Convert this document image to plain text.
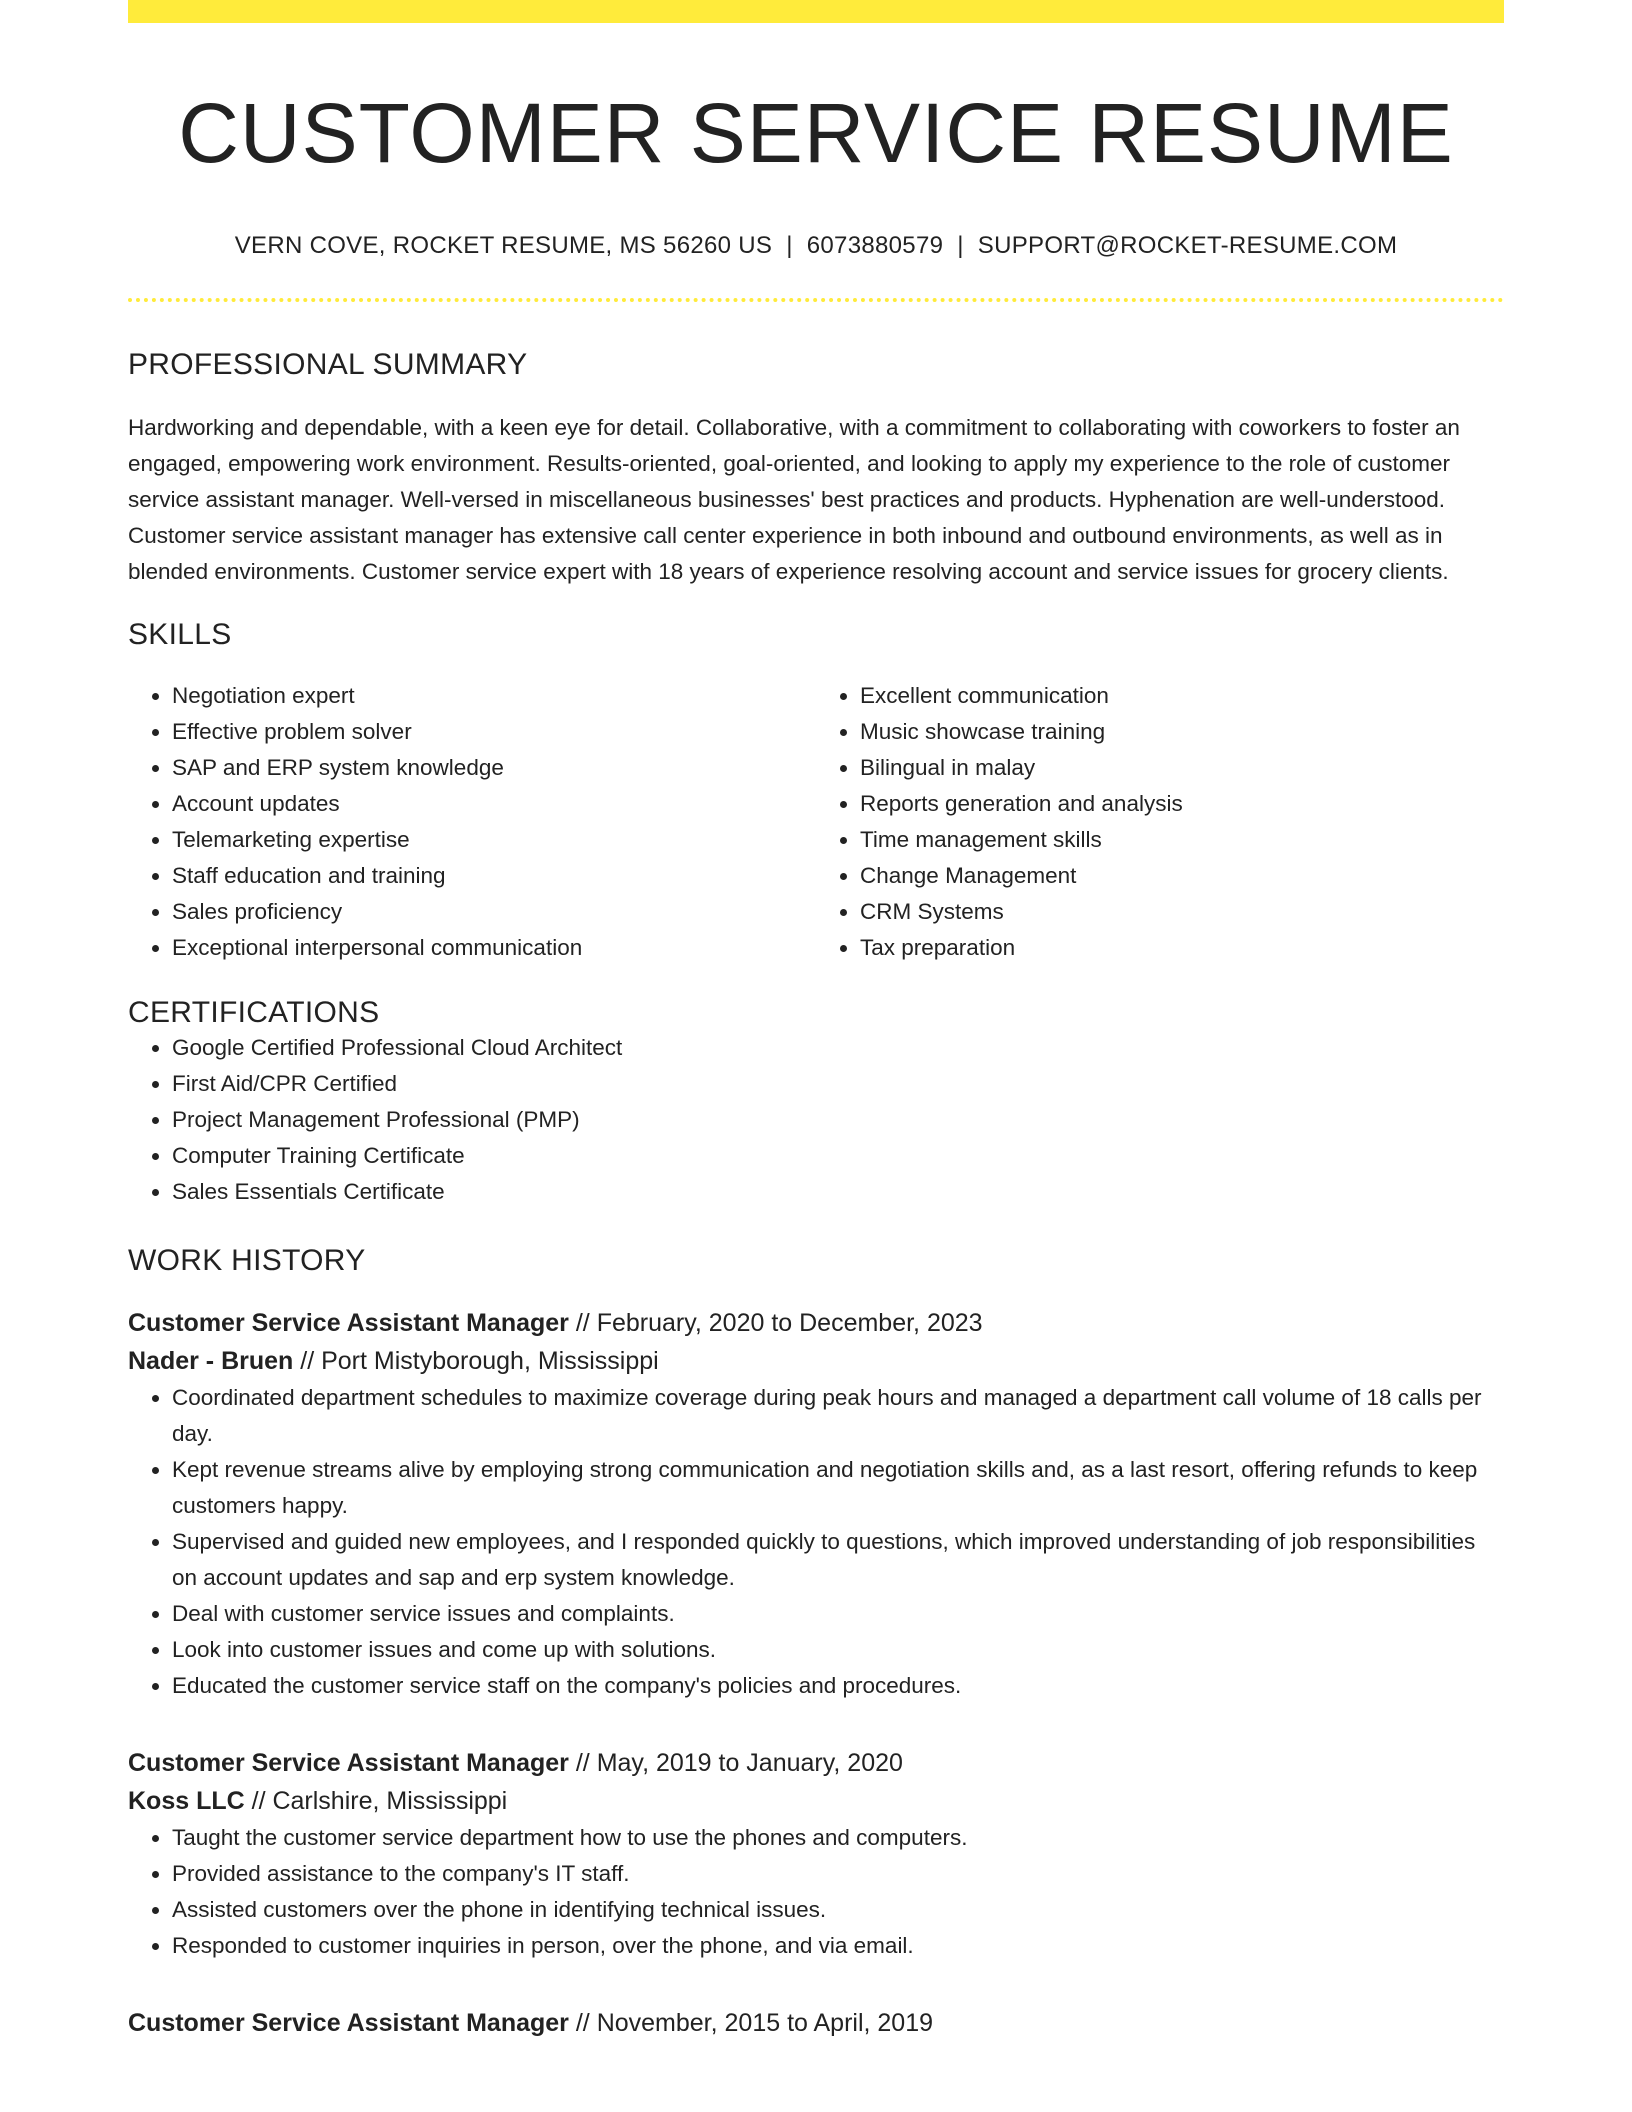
CUSTOMER SERVICE RESUME
VERN COVE, ROCKET RESUME, MS 56260 US | 6073880579 | SUPPORT@ROCKET-RESUME.COM
PROFESSIONAL SUMMARY
Hardworking and dependable, with a keen eye for detail. Collaborative, with a commitment to collaborating with coworkers to foster an engaged, empowering work environment. Results-oriented, goal-oriented, and looking to apply my experience to the role of customer service assistant manager. Well-versed in miscellaneous businesses' best practices and products. Hyphenation are well-understood. Customer service assistant manager has extensive call center experience in both inbound and outbound environments, as well as in blended environments. Customer service expert with 18 years of experience resolving account and service issues for grocery clients.
SKILLS
• Negotiation expert
• Effective problem solver
• SAP and ERP system knowledge
• Account updates
• Telemarketing expertise
• Staff education and training
• Sales proficiency
• Exceptional interpersonal communication
• Excellent communication
• Music showcase training
• Bilingual in malay
• Reports generation and analysis
• Time management skills
• Change Management
• CRM Systems
• Tax preparation
CERTIFICATIONS
• Google Certified Professional Cloud Architect
• First Aid/CPR Certified
• Project Management Professional (PMP)
• Computer Training Certificate
• Sales Essentials Certificate
WORK HISTORY
Customer Service Assistant Manager // February, 2020 to December, 2023
Nader - Bruen // Port Mistyborough, Mississippi
• Coordinated department schedules to maximize coverage during peak hours and managed a department call volume of 18 calls per day.
• Kept revenue streams alive by employing strong communication and negotiation skills and, as a last resort, offering refunds to keep customers happy.
• Supervised and guided new employees, and I responded quickly to questions, which improved understanding of job responsibilities on account updates and sap and erp system knowledge.
• Deal with customer service issues and complaints.
• Look into customer issues and come up with solutions.
• Educated the customer service staff on the company's policies and procedures.
Customer Service Assistant Manager // May, 2019 to January, 2020
Koss LLC // Carlshire, Mississippi
• Taught the customer service department how to use the phones and computers.
• Provided assistance to the company's IT staff.
• Assisted customers over the phone in identifying technical issues.
• Responded to customer inquiries in person, over the phone, and via email.
Customer Service Assistant Manager // November, 2015 to April, 2019
